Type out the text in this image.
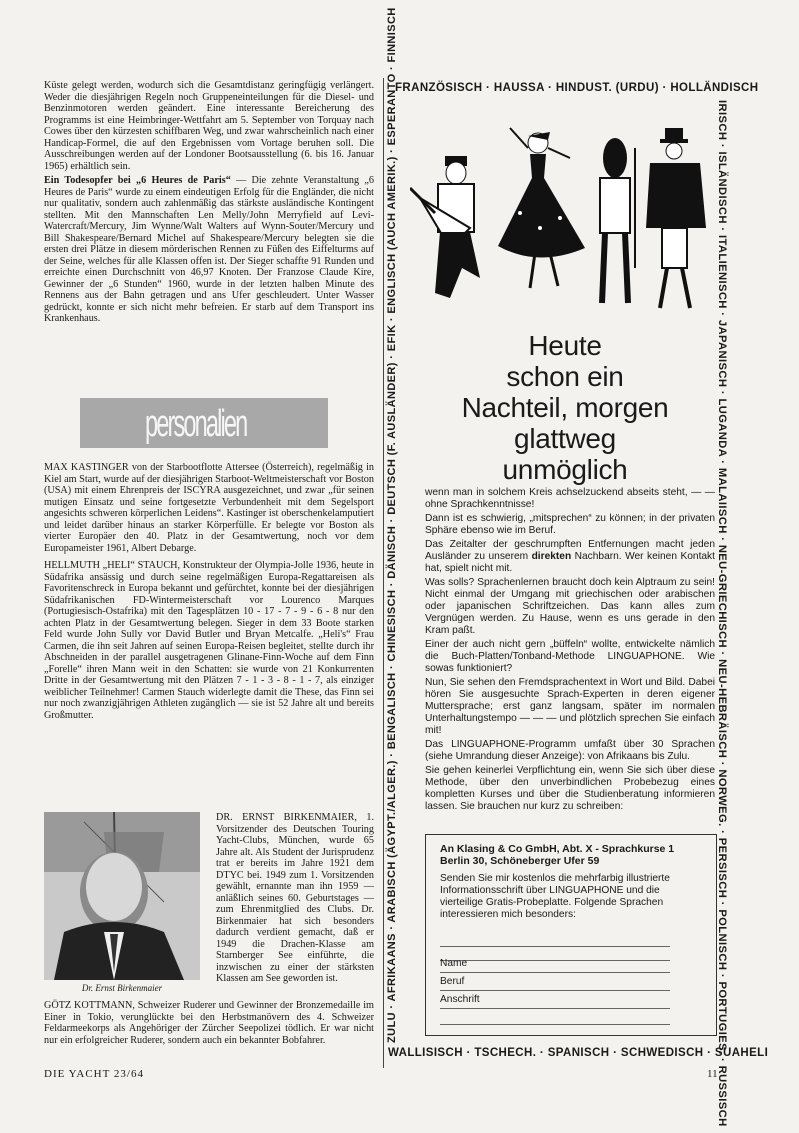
Küste gelegt werden, wodurch sich die Gesamtdistanz geringfügig verlängert. Weder die diesjährigen Regeln noch Gruppeneinteilungen für die Diesel- und Benzinmotoren werden geändert. Eine interessante Bereicherung des Programms ist eine Heimbringer-Wettfahrt am 5. September von Torquay nach Cowes über den kürzesten schiffbaren Weg, und zwar wahrscheinlich nach einer Handicap-Formel, die auf den Ergebnissen vom Vortage beruhen soll. Die Ausschreibungen werden auf der Londoner Bootsausstellung (6. bis 16. Januar 1965) erhältlich sein.

Ein Todesopfer bei „6 Heures de Paris“ — Die zehnte Veranstaltung „6 Heures de Paris“ wurde zu einem eindeutigen Erfolg für die Engländer, die nicht nur qualitativ, sondern auch zahlenmäßig das stärkste ausländische Kontingent stellten. Mit den Mannschaften Len Melly/John Merryfield auf Levi-Watercraft/Mercury, Jim Wynne/Walt Walters auf Wynn-Souter/Mercury und Bill Shakespeare/Bernard Michel auf Shakespeare/Mercury belegten sie die ersten drei Plätze in diesem mörderischen Rennen zu Füßen des Eiffelturms auf der Seine, welches für alle Klassen offen ist. Der Sieger schaffte 91 Runden und erreichte einen Durchschnitt von 46,97 Knoten. Der Franzose Claude Kire, Gewinner der „6 Stunden“ 1960, wurde in der letzten halben Minute des Rennens aus der Bahn getragen und ans Ufer geschleudert. Unter Wasser gedrückt, konnte er sich nicht mehr befreien. Er starb auf dem Transport ins Krankenhaus.

personalien

MAX KASTINGER von der Starbootflotte Attersee (Österreich), regelmäßig in Kiel am Start, wurde auf der diesjährigen Starboot-Weltmeisterschaft vor Boston (USA) mit einem Ehrenpreis der ISCYRA ausgezeichnet, und zwar „für seinen mutigen Einsatz und seine fortgesetzte Verbundenheit mit dem Segelsport angesichts schweren körperlichen Leidens“. Kastinger ist oberschenkelamputiert und leidet darüber hinaus an starker Körperfülle. Er belegte vor Boston als vierter Europäer den 40. Platz in der Gesamtwertung, noch vor dem Europameister 1961, Albert Debarge.

HELLMUTH „HELI“ STAUCH, Konstrukteur der Olympia-Jolle 1936, heute in Südafrika ansässig und durch seine regelmäßigen Europa-Regattareisen als Favoritenschreck in Europa bekannt und gefürchtet, konnte bei der diesjährigen Südafrikanischen FD-Wintermeisterschaft vor Lourenco Marques (Portugiesisch-Ostafrika) mit den Tagesplätzen 10 - 17 - 7 - 9 - 6 - 8 nur den achten Platz in der Gesamtwertung belegen. Sieger in dem 33 Boote starken Feld wurde John Sully vor David Butler und Bryan Metcalfe. „Heli's“ Frau Carmen, die ihn seit Jahren auf seinen Europa-Reisen begleitet, stellte durch ihr Abschneiden in der parallel ausgetragenen Glinane-Finn-Woche auf dem Finn „Forelle“ ihren Mann weit in den Schatten: sie wurde von 21 Konkurrenten Dritte in der Gesamtwertung mit den Plätzen 7 - 1 - 3 - 8 - 1 - 7, als einziger weiblicher Teilnehmer! Carmen Stauch widerlegte damit die These, das Finn sei nur noch zwanzigjährigen Athleten zugänglich — sie ist 52 Jahre alt und bereits Großmutter.

Dr. Ernst Birkenmaier

DR. ERNST BIRKENMAIER, 1. Vorsitzender des Deutschen Touring Yacht-Clubs, München, wurde 65 Jahre alt. Als Student der Jurisprudenz trat er bereits im Jahre 1921 dem DTYC bei. 1949 zum 1. Vorsitzenden gewählt, ernannte man ihn 1959 — anläßlich seines 60. Geburtstages — zum Ehrenmitglied des Clubs. Dr. Birkenmaier hat sich besonders dadurch verdient gemacht, daß er 1949 die Drachen-Klasse am Starnberger See einführte, die inzwischen zu einer der stärksten Klassen am See geworden ist.

GÖTZ KOTTMANN, Schweizer Ruderer und Gewinner der Bronzemedaille im Einer in Tokio, verunglückte bei den Herbstmanövern des 4. Schweizer Feldarmeekorps als Angehöriger der Zürcher Seepolizei tödlich. Er war nicht nur ein erfolgreicher Ruderer, sondern auch ein bekannter Bobfahrer.

DIE YACHT 23/64	11
FRANZÖSISCH · HAUSSA · HINDUST. (URDU) · HOLLÄNDISCH
IRISCH · ISLÄNDISCH · ITALIENISCH · JAPANISCH · LUGANDA · MALAIISCH · NEU-GRIECHISCH · NEU-HEBRÄISCH · NORWEG. · PERSISCH · POLNISCH · PORTUGIES. · RUSSISCH
WALLISISCH · TSCHECH. · SPANISCH · SCHWEDISCH · SUAHELI
ZULU · AFRIKAANS · ARABISCH (ÄGYPT./ALGER.) · BENGALISCH · CHINESISCH · DÄNISCH · DEUTSCH (F. AUSLÄNDER) · EFIK · ENGLISCH (AUCH AMERIK.) · ESPERANTO · FINNISCH	Heute
schon ein
Nachteil, morgen
glattweg
unmöglich

wenn man in solchem Kreis achselzuckend abseits steht, — — ohne Sprachkenntnisse!

Dann ist es schwierig, „mitsprechen“ zu können; in der privaten Sphäre ebenso wie im Beruf.

Das Zeitalter der geschrumpften Entfernungen macht jeden Ausländer zu unserem direkten Nachbarn. Wer keinen Kontakt hat, spielt nicht mit.

Was solls? Sprachenlernen braucht doch kein Alptraum zu sein! Nicht einmal der Umgang mit griechischen oder arabischen oder japanischen Schriftzeichen. Das kann alles zum Vergnügen werden. Zu Hause, wenn es uns gerade in den Kram paßt.

Einer der auch nicht gern „büffeln“ wollte, entwickelte nämlich die Buch-Platten/Tonband-Methode LINGUAPHONE. Wie sowas funktioniert?

Nun, Sie sehen den Fremdsprachentext in Wort und Bild. Dabei hören Sie ausgesuchte Sprach-Experten in deren eigener Muttersprache; erst ganz langsam, später im normalen Unterhaltungstempo — — — und plötzlich sprechen Sie einfach mit!

Das LINGUAPHONE-Programm umfaßt über 30 Sprachen (siehe Umrandung dieser Anzeige): von Afrikaans bis Zulu.

Sie gehen keinerlei Verpflichtung ein, wenn Sie sich über diese Methode, über den unverbindlichen Probebezug eines kompletten Kurses und über die Studienberatung informieren lassen. Sie brauchen nur kurz zu schreiben:

An Klasing & Co GmbH, Abt. X - Sprachkurse 1 Berlin 30, Schöneberger Ufer 59
Senden Sie mir kostenlos die mehrfarbig illustrierte Informationsschrift über LINGUAPHONE und die vierteilige Gratis-Probeplatte. Folgende Sprachen interessieren mich besonders:
Name
Beruf
Anschrift
